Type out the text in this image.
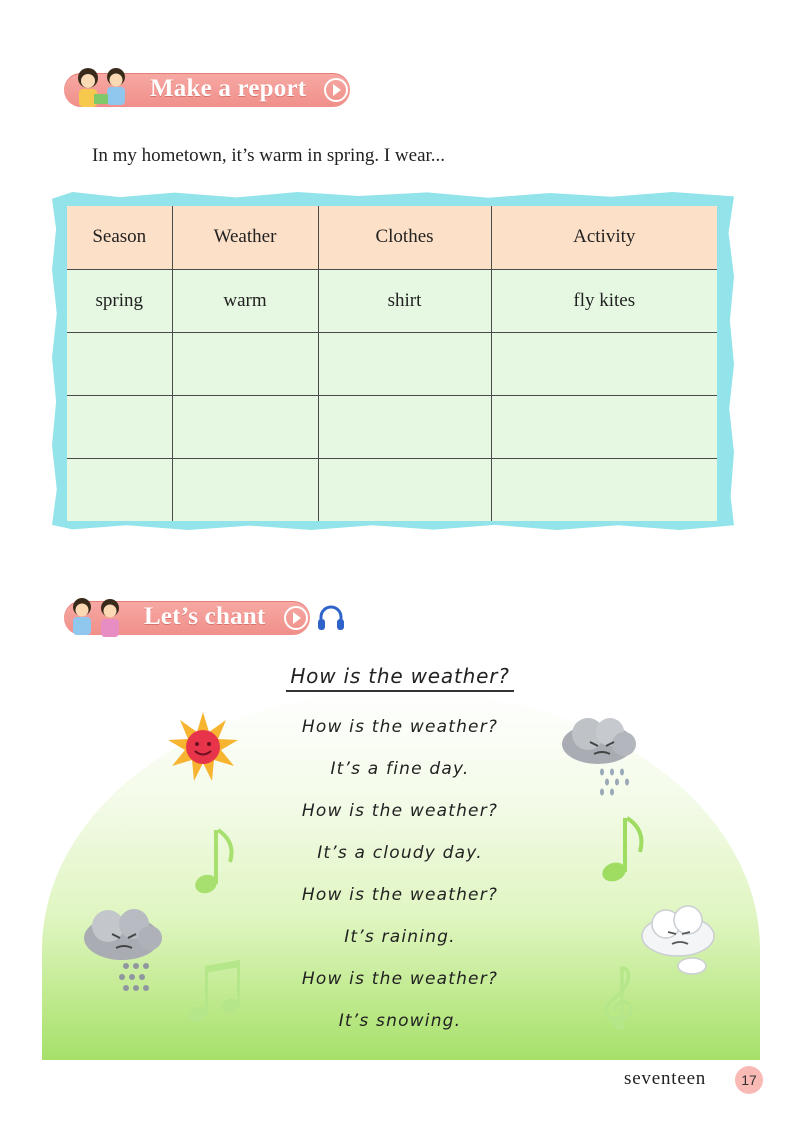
Make a report

In my hometown, it’s warm in spring. I wear...

Season	Weather	Clothes	Activity
spring	warm	shirt	fly kites

Let’s chant
How is the weather?
How is the weather?
It’s a fine day.
How is the weather?
It’s a cloudy day.
How is the weather?
It’s raining.
How is the weather?
It’s snowing.
seventeen	17
